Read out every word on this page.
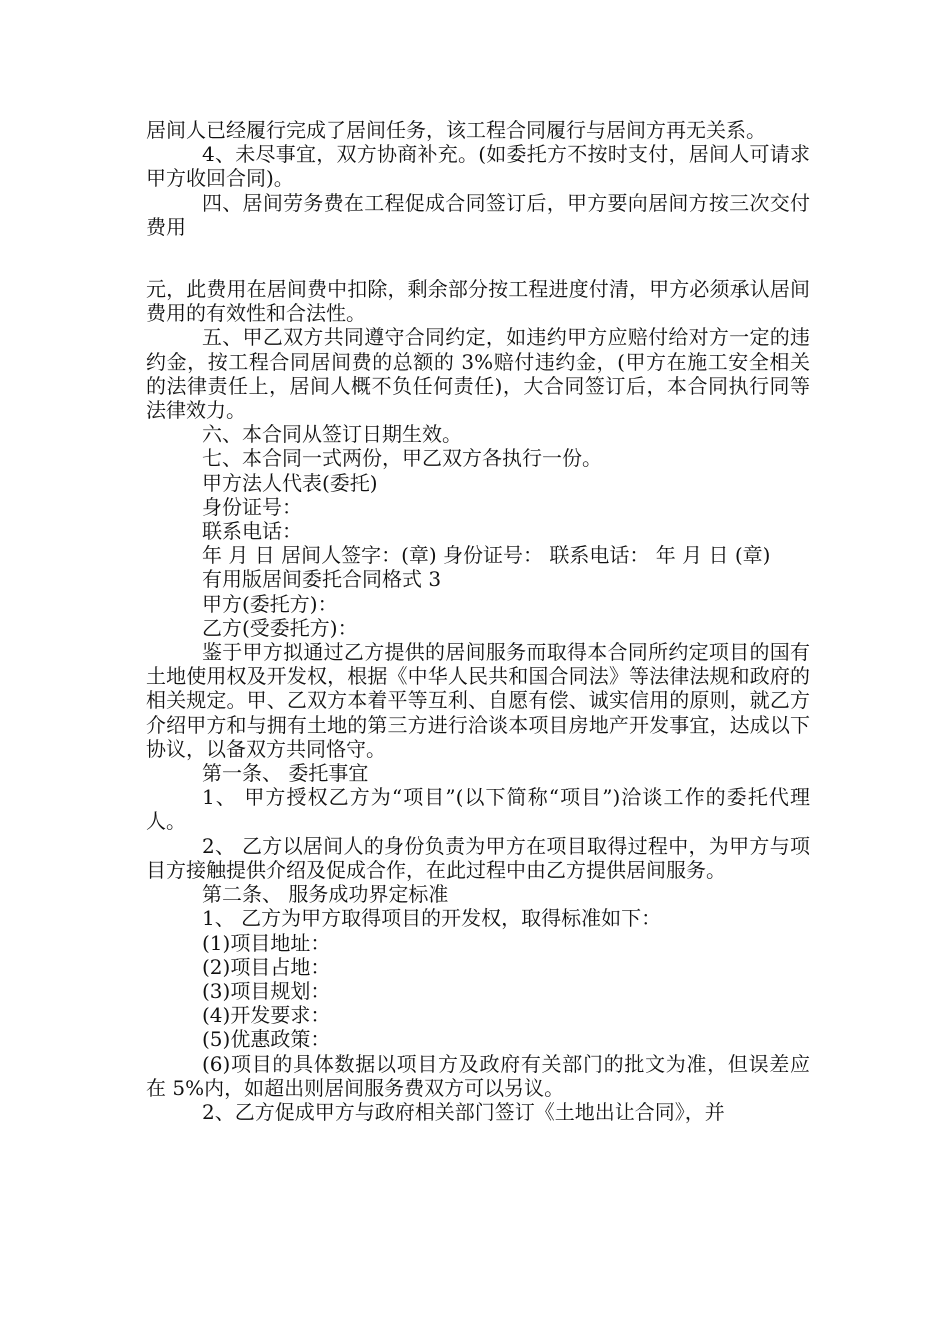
居间人已经履行完成了居间任务，该工程合同履行与居间方再无关系。

4、未尽事宜，双方协商补充。(如委托方不按时支付，居间人可请求甲方收回合同)。

四、居间劳务费在工程促成合同签订后，甲方要向居间方按三次交付费用

元，此费用在居间费中扣除，剩余部分按工程进度付清，甲方必须承认居间费用的有效性和合法性。

五、甲乙双方共同遵守合同约定，如违约甲方应赔付给对方一定的违约金，按工程合同居间费的总额的 3%赔付违约金，(甲方在施工安全相关的法律责任上，居间人概不负任何责任)，大合同签订后，本合同执行同等法律效力。

六、本合同从签订日期生效。

七、本合同一式两份，甲乙双方各执行一份。

甲方法人代表(委托)

身份证号：

联系电话：

年 月 日 居间人签字：(章) 身份证号： 联系电话： 年 月 日 (章)

有用版居间委托合同格式 3

甲方(委托方)：

乙方(受委托方)：

鉴于甲方拟通过乙方提供的居间服务而取得本合同所约定项目的国有土地使用权及开发权，根据《中华人民共和国合同法》等法律法规和政府的相关规定。甲、乙双方本着平等互利、自愿有偿、诚实信用的原则，就乙方介绍甲方和与拥有土地的第三方进行洽谈本项目房地产开发事宜，达成以下协议，以备双方共同恪守。

第一条、 委托事宜

1、 甲方授权乙方为“项目”(以下简称“项目”)洽谈工作的委托代理人。

2、 乙方以居间人的身份负责为甲方在项目取得过程中，为甲方与项目方接触提供介绍及促成合作，在此过程中由乙方提供居间服务。

第二条、 服务成功界定标准

1、 乙方为甲方取得项目的开发权，取得标准如下：

(1)项目地址：

(2)项目占地：

(3)项目规划：

(4)开发要求：

(5)优惠政策：

(6)项目的具体数据以项目方及政府有关部门的批文为准，但误差应在 5%内，如超出则居间服务费双方可以另议。

2、乙方促成甲方与政府相关部门签订《土地出让合同》，并
